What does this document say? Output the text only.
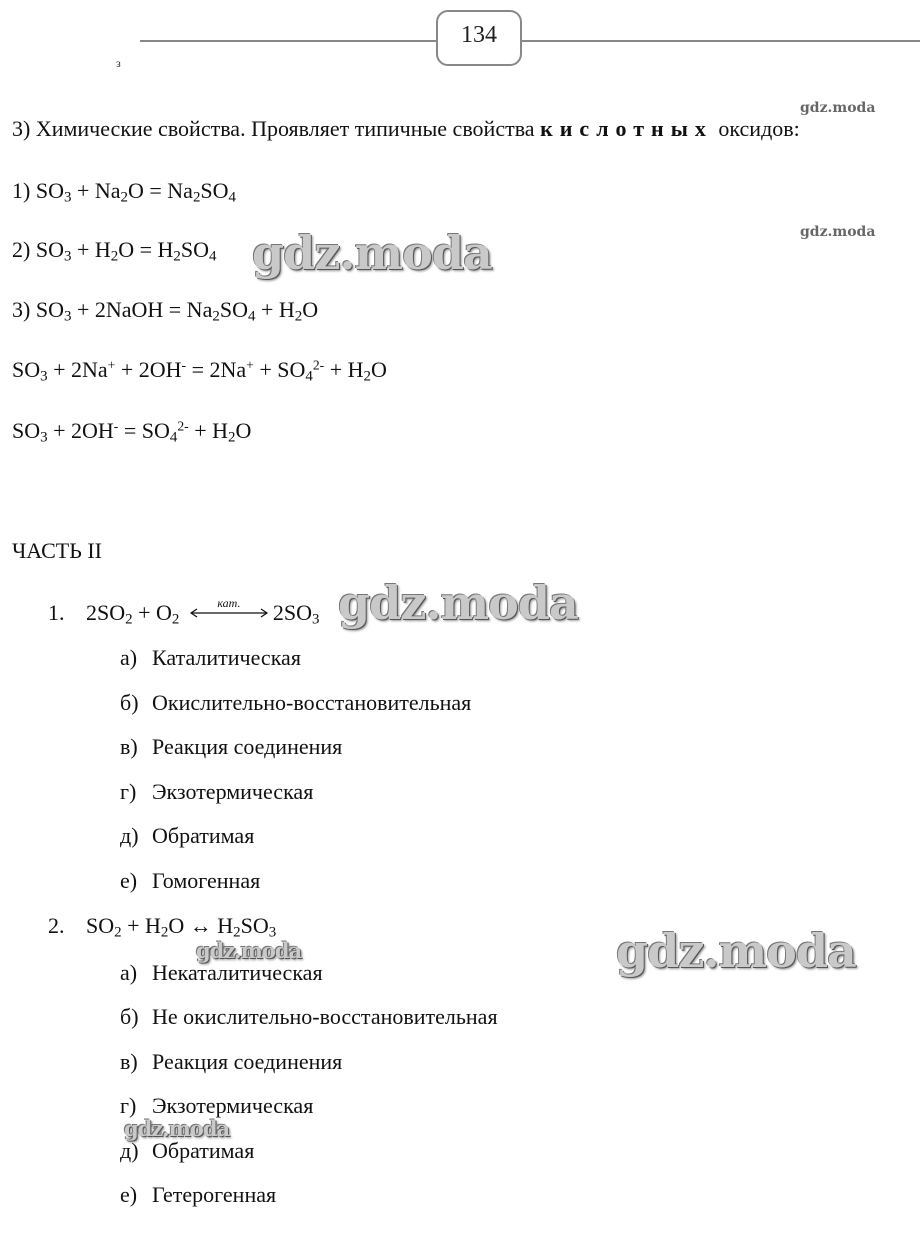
134
з
3) Химические свойства. Проявляет типичные свойства кислотных оксидов:
1) $SO_3 + Na_2O = Na_2SO_4$
2) $SO_3 + H_2O = H_2SO_4$
3) $SO_3$ + 2NaOH = $Na_2SO_4 + H_2O$
$SO_3 + 2Na^+ + 2OH^- = 2Na^+ + SO_4^{2-} + H_2O$
$SO_3 + 2OH^- = SO_4^{2-} + H_2O$
ЧАСТЬ II
1. $2SO_2 + O_2$
кат.	$2SO_3$
а) Каталитическая
б) Окислительно-восстановительная
в) Реакция соединения
г) Экзотермическая
д) Обратимая
е) Гомогенная
2. $SO_2 + H_2O$ ↔ $H_2SO_3$
а) Некаталитическая
б) Не окислительно-восстановительная
в) Реакция соединения
г) Экзотермическая
д) Обратимая
е) Гетерогенная
gdz.moda
gdz.moda
gdz.moda
gdz.moda
gdz.moda
gdz.moda
gdz.moda
